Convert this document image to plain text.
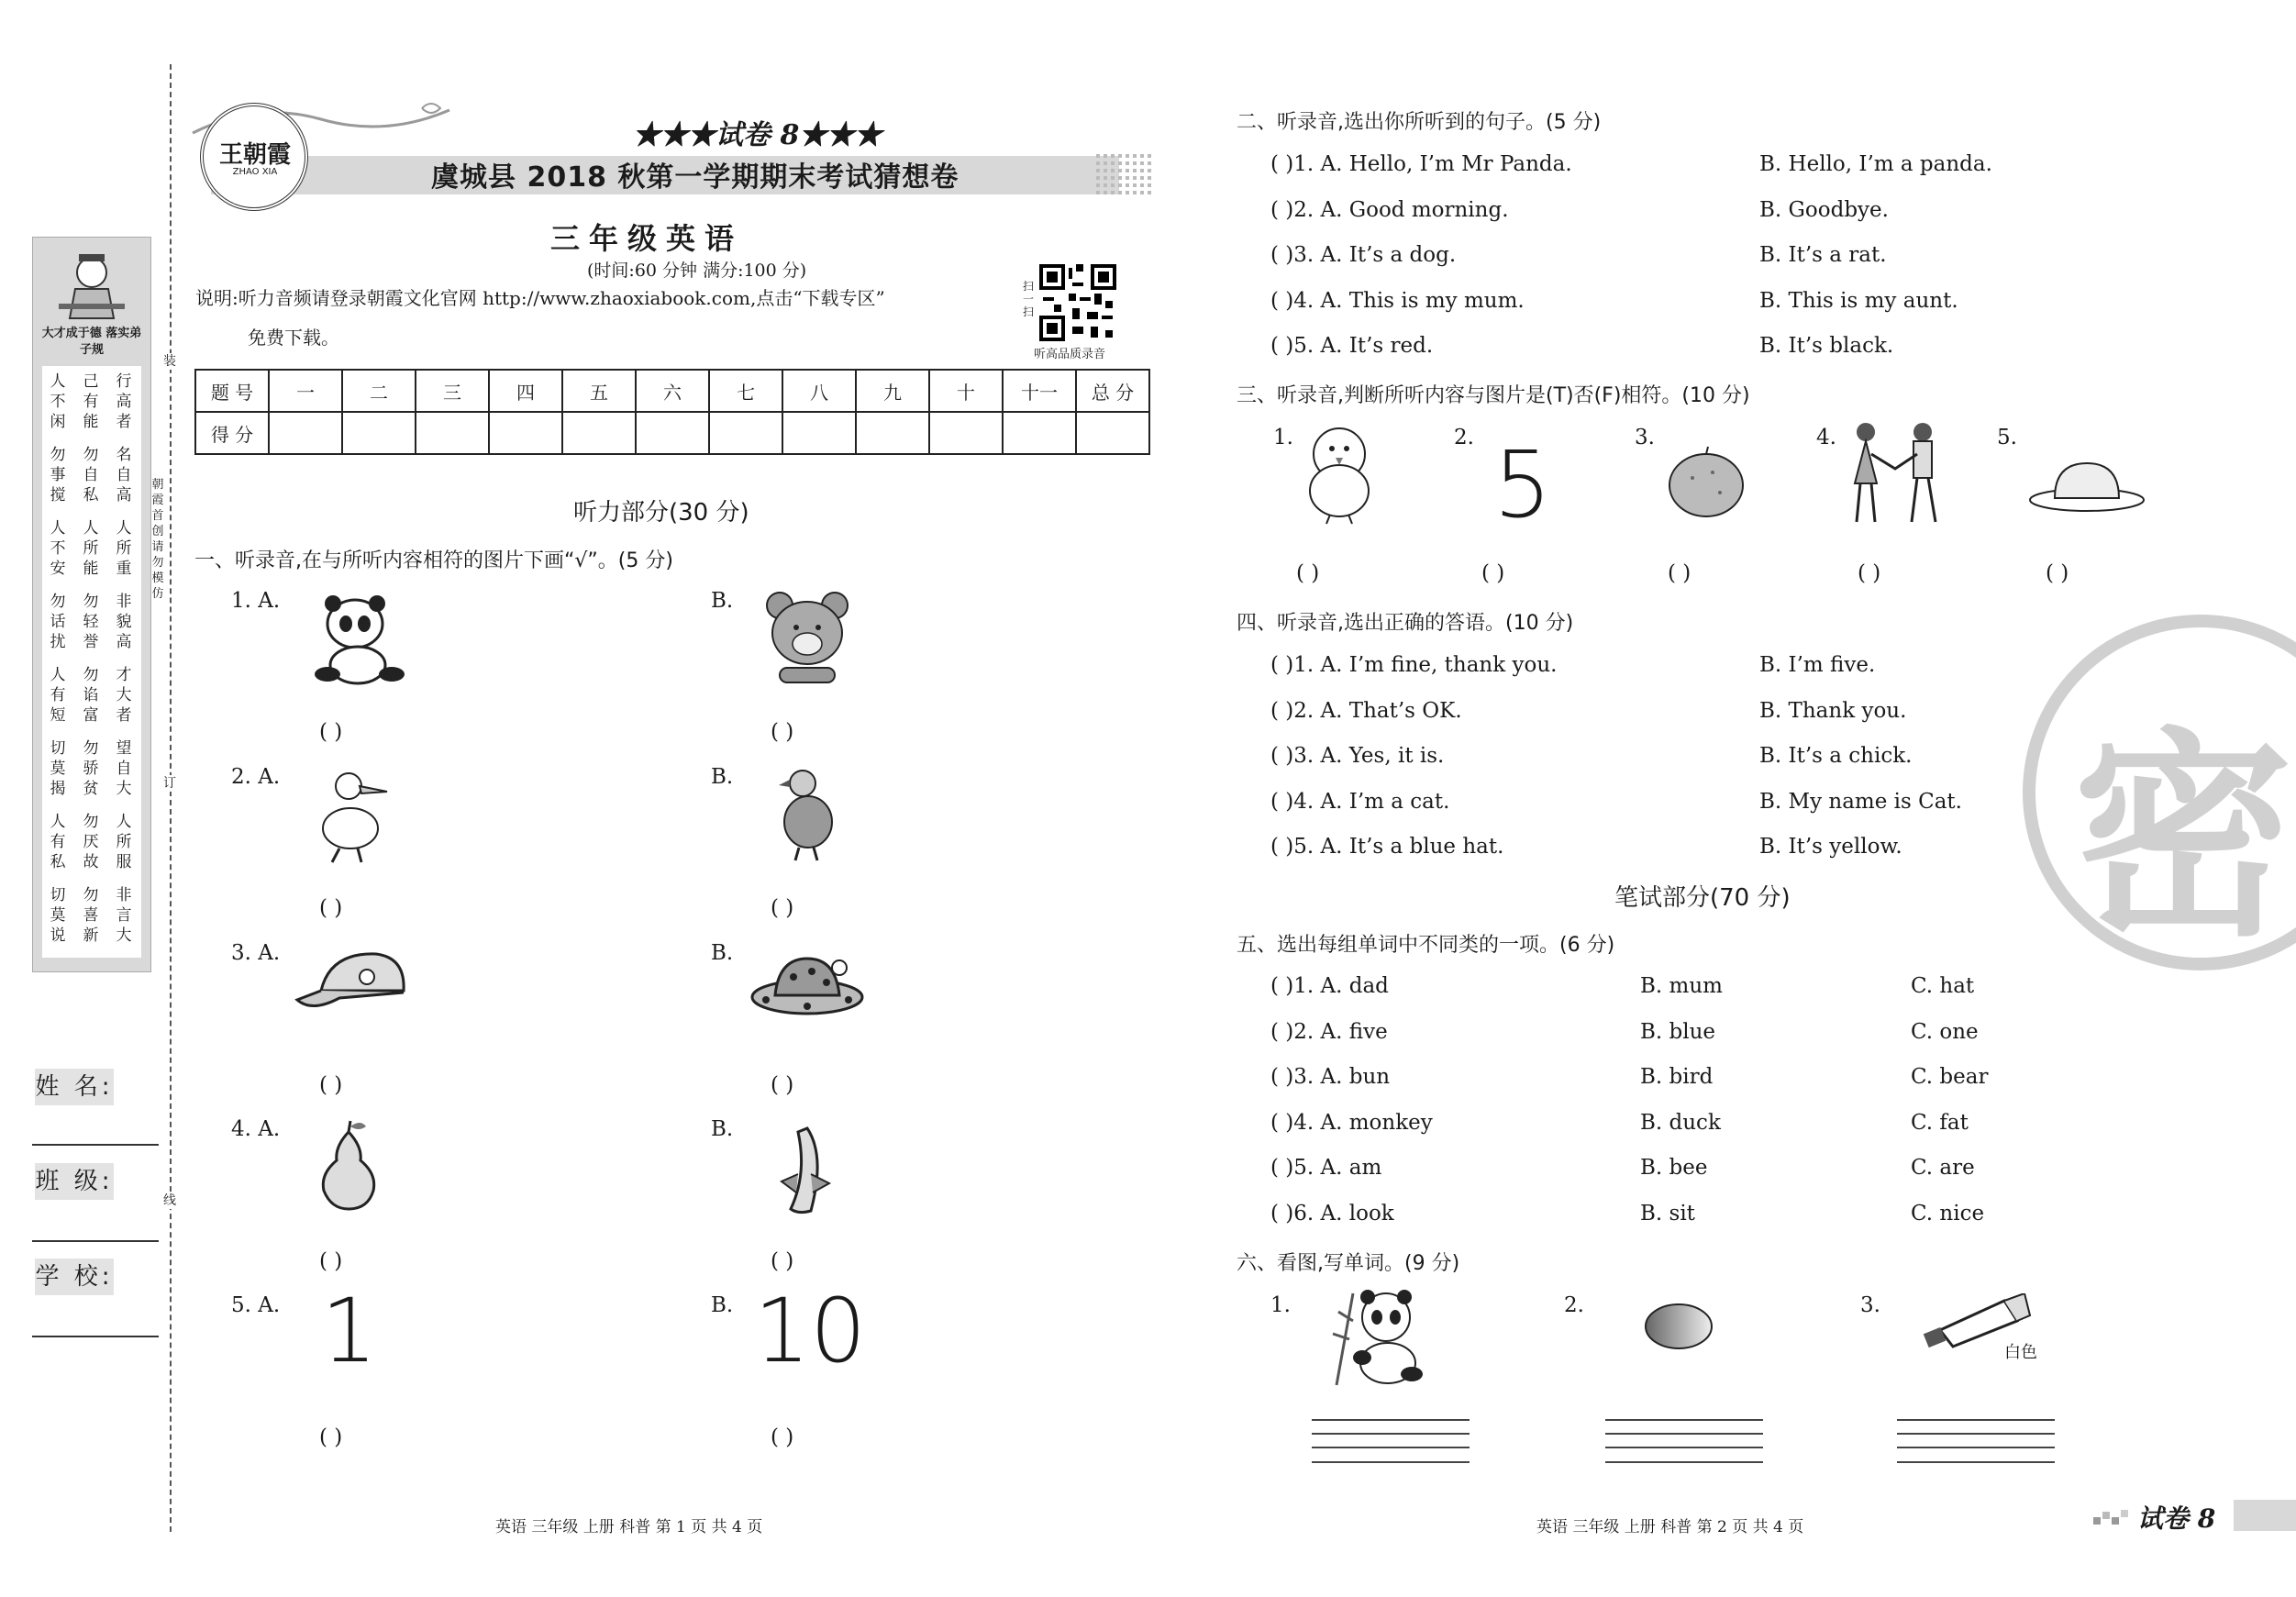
大才成于德 落实弟子规
人不闲
己有能
行高者
勿事搅
勿自私
名自高
人不安
人所能
人所重
勿话扰
勿轻誉
非貌高
人有短
勿谄富
才大者
切莫揭
勿骄贫
望自大
人有私
勿厌故
人所服
切莫说
勿喜新
非言大
装
订
线
朝霞首创 请勿模仿
姓 名:
班 级:
学 校:
王朝霞
ZHAO XIA
★★★试卷 8★★★
虞城县 2018 秋第一学期期末考试猜想卷
三年级英语
(时间:60 分钟 满分:100 分)
说明:听力音频请登录朝霞文化官网 http://www.zhaoxiabook.com,点击“下载专区”
免费下载。
扫一扫
听高品质录音
题 号	一	二	三	四	五	六	七	八	九	十	十一	总 分
得 分												
听力部分(30 分)
一、听录音,在与所听内容相符的图片下画“√”。(5 分)
1. A.	B.
( )	( )
2. A.	B.
( )	( )
3. A.	B.
( )	( )
4. A.	B.
( )	( )
5. A.	B.
1	10
( )	( )
英语 三年级 上册 科普 第 1 页 共 4 页
密
二、听录音,选出你所听到的句子。(5 分)
( )1. A. Hello, I’m Mr Panda.	B. Hello, I’m a panda.
( )2. A. Good morning.	B. Goodbye.
( )3. A. It’s a dog.	B. It’s a rat.
( )4. A. This is my mum.	B. This is my aunt.
( )5. A. It’s red.	B. It’s black.
三、听录音,判断所听内容与图片是(T)否(F)相符。(10 分)
1.	2.	3.	4.	5.
5
( )	( )	( )	( )	( )
四、听录音,选出正确的答语。(10 分)
( )1. A. I’m fine, thank you.	B. I’m five.
( )2. A. That’s OK.	B. Thank you.
( )3. A. Yes, it is.	B. It’s a chick.
( )4. A. I’m a cat.	B. My name is Cat.
( )5. A. It’s a blue hat.	B. It’s yellow.
笔试部分(70 分)
五、选出每组单词中不同类的一项。(6 分)
( )1. A. dad	B. mum	C. hat
( )2. A. five	B. blue	C. one
( )3. A. bun	B. bird	C. bear
( )4. A. monkey	B. duck	C. fat
( )5. A. am	B. bee	C. are
( )6. A. look	B. sit	C. nice
六、看图,写单词。(9 分)
1.	2.	3.
白色
英语 三年级 上册 科普 第 2 页 共 4 页	试卷 8
